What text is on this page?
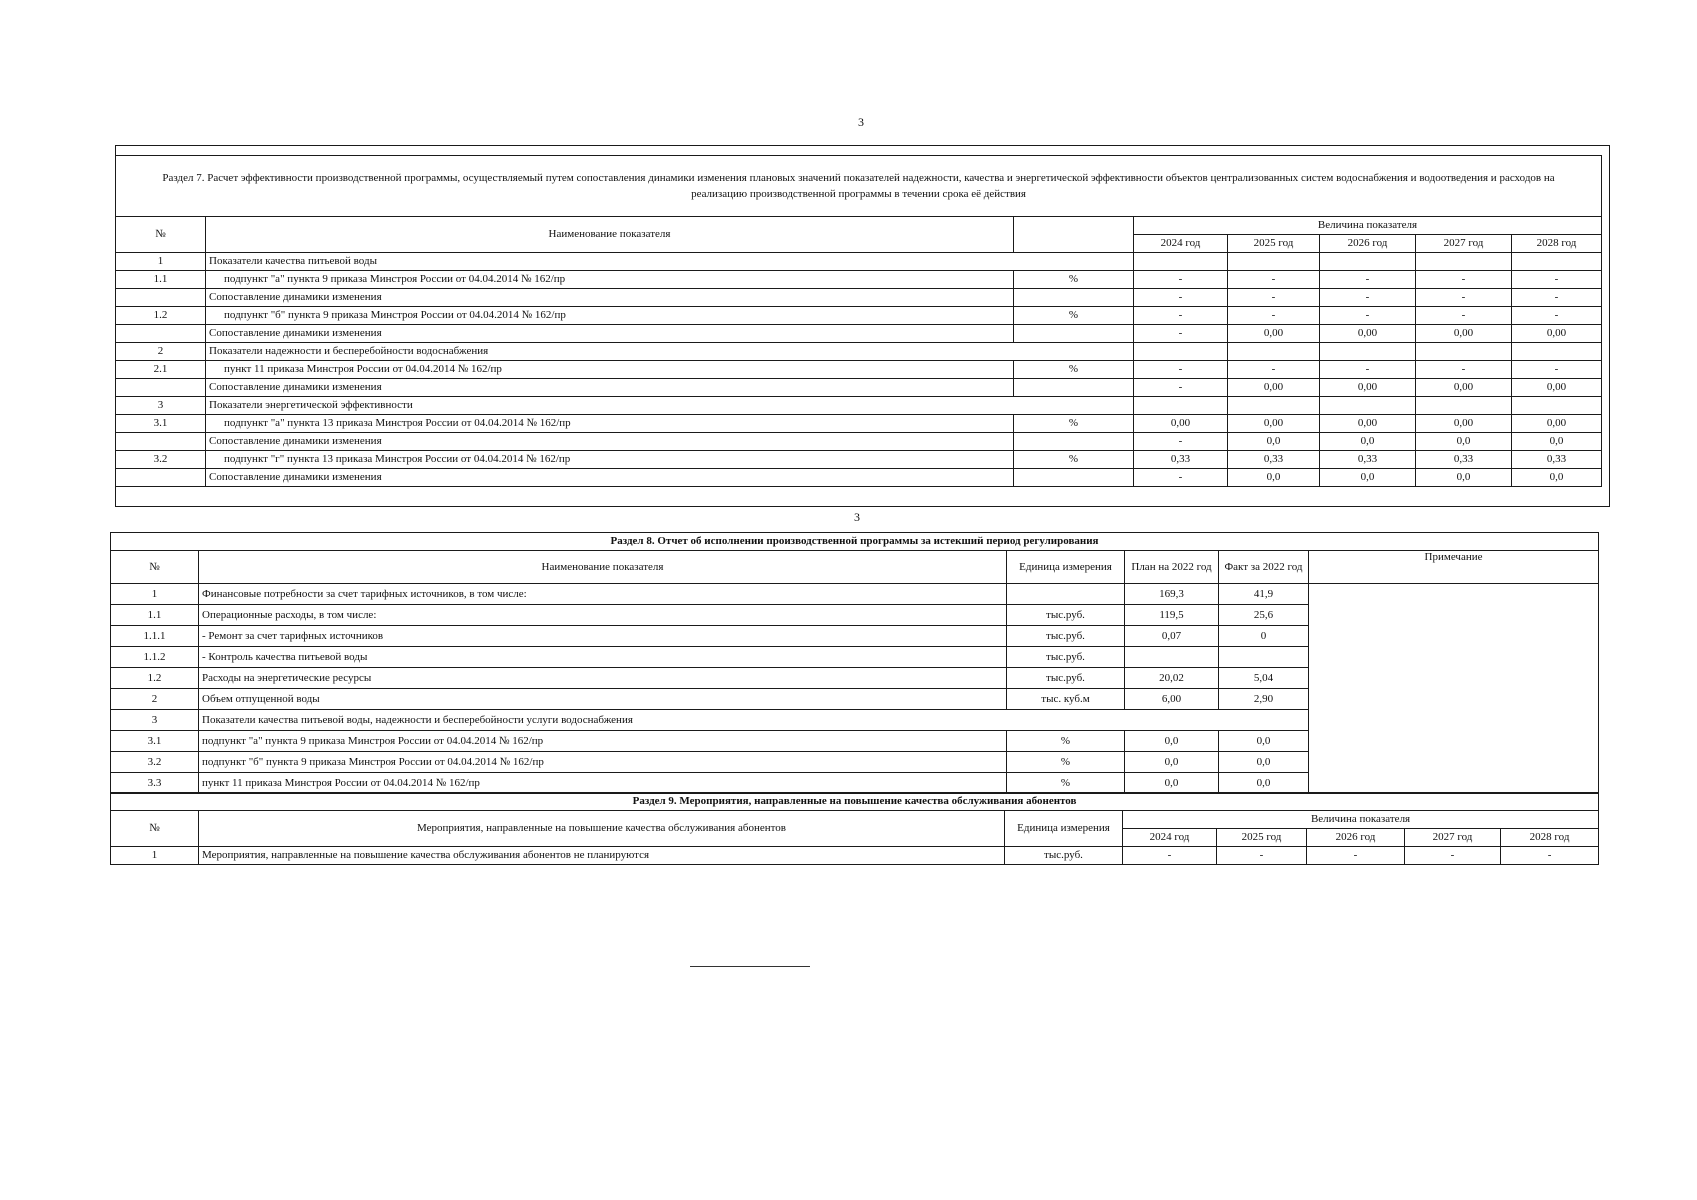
3
Раздел 7. Расчет эффективности производственной программы, осуществляемый путем сопоставления динамики изменения плановых значений показателей надежности, качества и энергетической эффективности объектов централизованных систем водоснабжения и водоотведения и расходов на реализацию производственной программы в течении срока её действия							
№	Наименование показателя		Величина показателя				
			2024 год	2025 год	2026 год	2027 год	2028 год
1	Показатели качества питьевой воды						
1.1	подпункт "а" пункта 9 приказа Минстроя России от 04.04.2014 № 162/пр	%	-	-	-	-	-
	Сопоставление динамики изменения		-	-	-	-	-
1.2	подпункт "б" пункта 9 приказа Минстроя России от 04.04.2014 № 162/пр	%	-	-	-	-	-
	Сопоставление динамики изменения		-	0,00	0,00	0,00	0,00
2	Показатели надежности и бесперебойности водоснабжения						
2.1	пункт 11 приказа Минстроя России от 04.04.2014 № 162/пр	%	-	-	-	-	-
	Сопоставление динамики изменения		-	0,00	0,00	0,00	0,00
3	Показатели энергетической эффективности						
3.1	подпункт "а" пункта 13 приказа Минстроя России от 04.04.2014 № 162/пр	%	0,00	0,00	0,00	0,00	0,00
	Сопоставление динамики изменения		-	0,0	0,0	0,0	0,0
3.2	подпункт "г" пункта 13 приказа Минстроя России от 04.04.2014 № 162/пр	%	0,33	0,33	0,33	0,33	0,33
	Сопоставление динамики изменения		-	0,0	0,0	0,0	0,0
3
Раздел 8. Отчет об исполнении производственной программы за истекший период регулирования					
№	Наименование показателя	Единица измерения	План на 2022 год	Факт за 2022 год	Примечание
1	Финансовые потребности за счет тарифных источников, в том числе:		169,3	41,9	
1.1	Операционные расходы, в том числе:	тыс.руб.	119,5	25,6	
1.1.1	- Ремонт за счет тарифных источников	тыс.руб.	0,07	0	
1.1.2	- Контроль качества питьевой воды	тыс.руб.			
1.2	Расходы на энергетические ресурсы	тыс.руб.	20,02	5,04	
2	Объем отпущенной воды	тыс. куб.м	6,00	2,90	
3	Показатели качества питьевой воды, надежности и бесперебойности услуги водоснабжения				
3.1	подпункт "а" пункта 9 приказа Минстроя России от 04.04.2014 № 162/пр	%	0,0	0,0	
3.2	подпункт "б" пункта 9 приказа Минстроя России от 04.04.2014 № 162/пр	%	0,0	0,0	
3.3	пункт 11 приказа Минстроя России от 04.04.2014 № 162/пр	%	0,0	0,0	
Раздел 9. Мероприятия, направленные на повышение качества обслуживания абонентов							
№	Мероприятия, направленные на повышение качества обслуживания абонентов	Единица измерения	Величина показателя				
			2024 год	2025 год	2026 год	2027 год	2028 год
1	Мероприятия, направленные на повышение качества обслуживания абонентов не планируются	тыс.руб.	-	-	-	-	-
